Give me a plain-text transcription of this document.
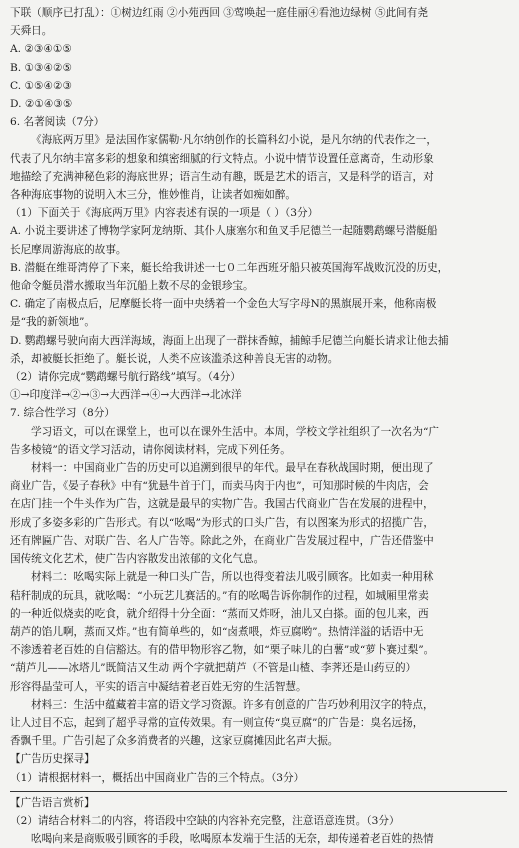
下联（顺序已打乱）：①树边红雨 ②小苑西回 ③莺唤起一庭佳丽④看池边绿树 ⑤此间有尧
天舜日。
A. ②③④①⑤
B. ①③④②⑤
C. ①⑤④②③
D. ②①④③⑤
6. 名著阅读（7分）
《海底两万里》是法国作家儒勒·凡尔纳创作的长篇科幻小说，是凡尔纳的代表作之一，
代表了凡尔纳丰富多彩的想象和缜密细腻的行文特点。小说中情节设置任意离奇，生动形象
地描绘了充满神秘色彩的海底世界；语言生动有趣，既是艺术的语言，又是科学的语言，对
各种海底事物的说明入木三分，惟妙惟肖，让读者如痴如醉。
（1）下面关于《海底两万里》内容表述有误的一项是（ ）（3分）
A. 小说主要讲述了博物学家阿龙纳斯、其仆人康塞尔和鱼叉手尼德兰一起随鹦鹉螺号潜艇船
长尼摩周游海底的故事。
B. 潜艇在维哥湾停了下来，艇长给我讲述一七０二年西班牙船只被英国海军战败沉没的历史，
他命令艇员潜水搬取当年沉船上数不尽的金银珍宝。
C. 确定了南极点后，尼摩艇长将一面中央绣着一个金色大写字母N的黑旗展开来，他称南极
是“我的新领地”。
D. 鹦鹉螺号驶向南大西洋海域，海面上出现了一群抹香鲸，捕鲸手尼德兰向艇长请求让他去捕
杀，却被艇长拒绝了。艇长说，人类不应该滥杀这种善良无害的动物。
（2）请你完成“鹦鹉螺号航行路线”填写。（4分）
①→印度洋→②→③→大西洋→④→大西洋→北冰洋
7. 综合性学习（8分）
学习语文，可以在课堂上，也可以在课外生活中。本周，学校文学社组织了一次名为“广
告多棱镜”的语文学习活动，请你阅读材料，完成下列任务。
材料一：中国商业广告的历史可以追溯到很早的年代。最早在春秋战国时期，便出现了
商业广告，《晏子春秋》中有“犹悬牛首于门，而卖马肉于内也”，可知那时候的牛肉店，会
在店门挂一个牛头作为广告，这就是最早的实物广告。我国古代商业广告在发展的进程中，
形成了多姿多彩的广告形式。有以“吆喝”为形式的口头广告，有以图案为形式的招揽广告，
还有牌匾广告、对联广告、名人广告等。除此之外，在商业广告发展过程中，广告还借鉴中
国传统文化艺术，使广告内容散发出浓郁的文化气息。
材料二：吆喝实际上就是一种口头广告，所以也得变着法儿吸引顾客。比如卖一种用秫
秸秆制成的玩具，就吆喝：“小玩艺儿赛活的。”有的吆喝告诉你制作的过程，如城厢里常卖
的一种近似烧卖的吃食，就介绍得十分全面：“蒸而又炸呀，油儿又白搽。面的包儿来，西
葫芦的馅儿啊，蒸而又炸。”也有简单些的，如“卤煮喂，炸豆腐哟”。热情洋溢的话语中无
不渗透着老百姓的自信豁达。有的借甲物形容乙物，如“栗子味儿的白薯”或“萝卜赛过梨”。
“葫芦儿——冰塔儿”既简洁又生动 两个字就把葫芦（不管是山楂、李荠还是山药豆的）
形容得晶莹可人，平实的语言中凝结着老百姓无穷的生活智慧。
材料三：生活中蕴藏着丰富的语文学习资源。许多有创意的广告巧妙利用汉字的特点，
让人过目不忘，起到了超乎寻常的宣传效果。有一则宣传“臭豆腐”的广告是：臭名远扬，
香飘千里。广告引起了众多消费者的兴趣，这家豆腐摊因此名声大振。
【广告历史探寻】
（1）请根据材料一，概括出中国商业广告的三个特点。（3分）
【广告语言赏析】
（2）请结合材料二的内容，将语段中空缺的内容补充完整，注意语意连贯。（3分）
吆喝向来是商贩吸引顾客的手段，吆喝原本发端于生活的无奈，却传递着老百姓的热情
